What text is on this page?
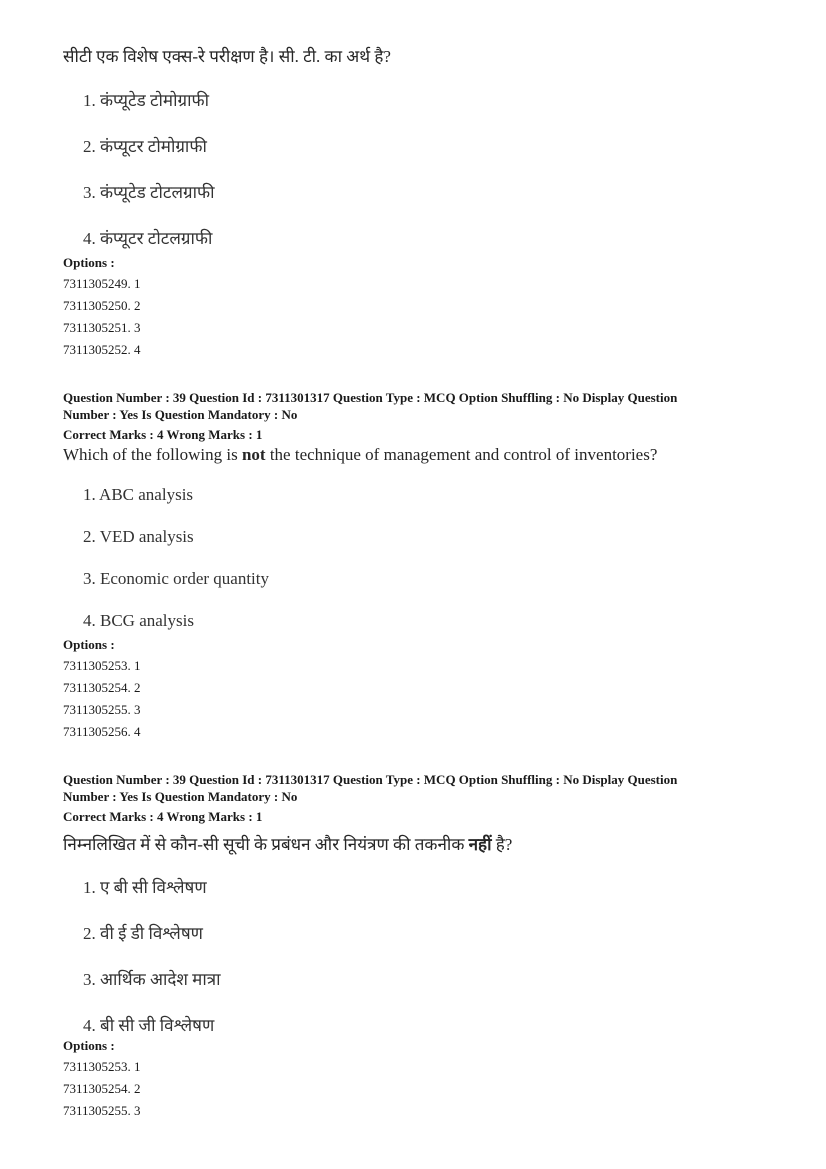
सीटी एक विशेष एक्स-रे परीक्षण है। सी. टी. का अर्थ है?
1. कंप्यूटेड टोमोग्राफी
2. कंप्यूटर टोमोग्राफी
3. कंप्यूटेड टोटलग्राफी
4. कंप्यूटर टोटलग्राफी
Options :
7311305249. 1
7311305250. 2
7311305251. 3
7311305252. 4
Question Number : 39 Question Id : 7311301317 Question Type : MCQ Option Shuffling : No Display Question
Number : Yes Is Question Mandatory : No
Correct Marks : 4 Wrong Marks : 1
Which of the following is not the technique of management and control of inventories?
1. ABC analysis
2. VED analysis
3. Economic order quantity
4. BCG analysis
Options :
7311305253. 1
7311305254. 2
7311305255. 3
7311305256. 4
Question Number : 39 Question Id : 7311301317 Question Type : MCQ Option Shuffling : No Display Question
Number : Yes Is Question Mandatory : No
Correct Marks : 4 Wrong Marks : 1
निम्नलिखित में से कौन-सी सूची के प्रबंधन और नियंत्रण की तकनीक नहीं है?
1. ए बी सी विश्लेषण
2. वी ई डी विश्लेषण
3. आर्थिक आदेश मात्रा
4. बी सी जी विश्लेषण
Options :
7311305253. 1
7311305254. 2
7311305255. 3
